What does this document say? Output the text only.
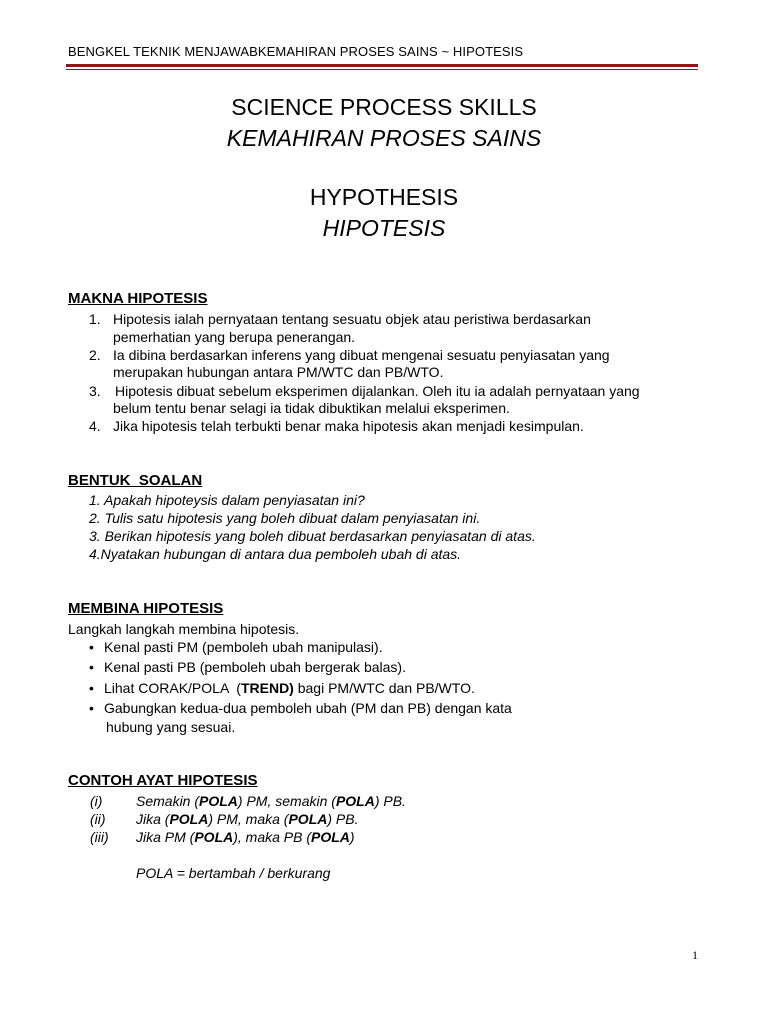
BENGKEL TEKNIK MENJAWABKEMAHIRAN PROSES SAINS ~ HIPOTESIS
SCIENCE PROCESS SKILLS
KEMAHIRAN PROSES SAINS
HYPOTHESIS
HIPOTESIS
MAKNA HIPOTESIS
1. Hipotesis ialah pernyataan tentang sesuatu objek atau peristiwa berdasarkan
pemerhatian yang berupa penerangan.
2. Ia dibina berdasarkan inferens yang dibuat mengenai sesuatu penyiasatan yang
merupakan hubungan antara PM/WTC dan PB/WTO.
3. Hipotesis dibuat sebelum eksperimen dijalankan. Oleh itu ia adalah pernyataan yang
belum tentu benar selagi ia tidak dibuktikan melalui eksperimen.
4. Jika hipotesis telah terbukti benar maka hipotesis akan menjadi kesimpulan.
BENTUK  SOALAN
1. Apakah hipoteysis dalam penyiasatan ini?
2. Tulis satu hipotesis yang boleh dibuat dalam penyiasatan ini.
3. Berikan hipotesis yang boleh dibuat berdasarkan penyiasatan di atas.
4.Nyatakan hubungan di antara dua pemboleh ubah di atas.
MEMBINA HIPOTESIS
Langkah langkah membina hipotesis.
• Kenal pasti PM (pemboleh ubah manipulasi).
• Kenal pasti PB (pemboleh ubah bergerak balas).
• Lihat CORAK/POLA  (TREND) bagi PM/WTC dan PB/WTO.
• Gabungkan kedua-dua pemboleh ubah (PM dan PB) dengan kata
hubung yang sesuai.
CONTOH AYAT HIPOTESIS
(i) Semakin (POLA) PM, semakin (POLA) PB.
(ii) Jika (POLA) PM, maka (POLA) PB.
(iii) Jika PM (POLA), maka PB (POLA)
POLA = bertambah / berkurang
1
